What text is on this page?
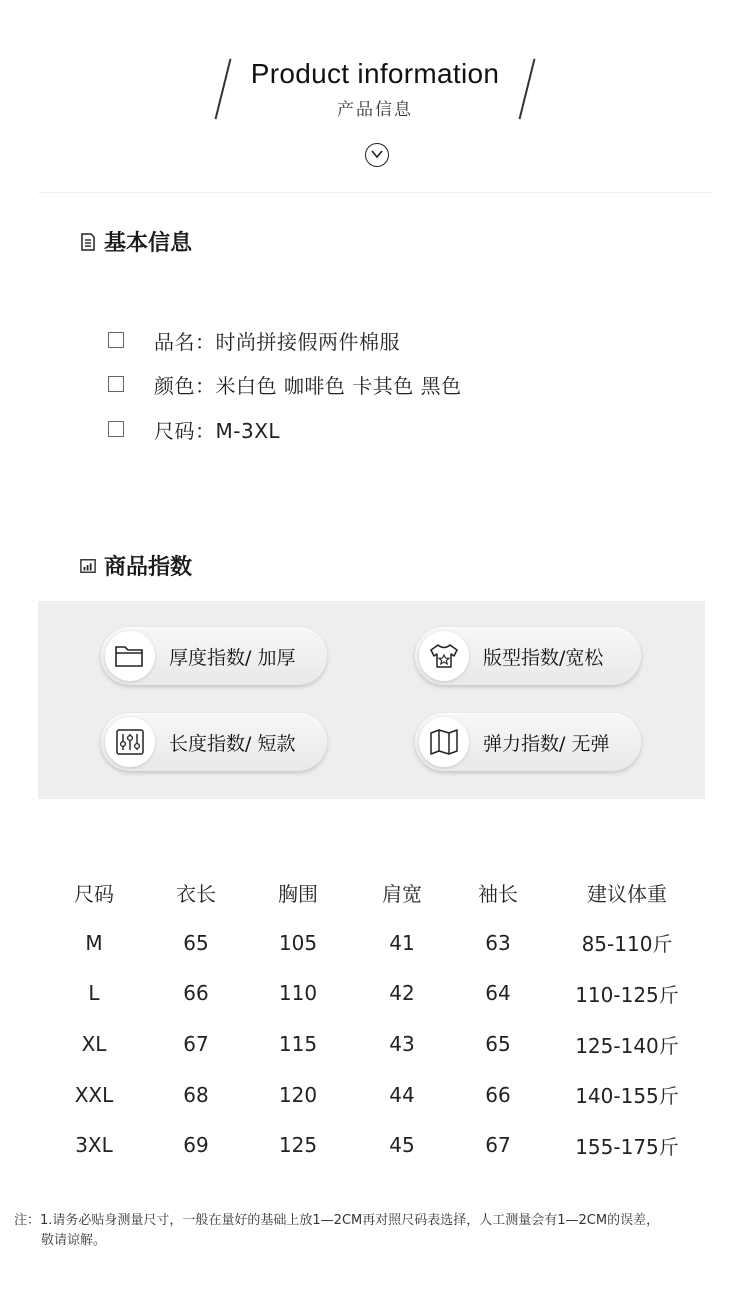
Product information
产品信息
基本信息
品名：时尚拼接假两件棉服
颜色：米白色 咖啡色 卡其色 黑色
尺码：M-3XL
商品指数
厚度指数/ 加厚	版型指数/宽松
长度指数/ 短款	弹力指数/ 无弹
尺码	衣长	胸围	肩宽	袖长	建议体重
M	65	105	41	63	85-110斤
L	66	110	42	64	110-125斤
XL	67	115	43	65	125-140斤
XXL	68	120	44	66	140-155斤
3XL	69	125	45	67	155-175斤
注：1.请务必贴身测量尺寸，一般在量好的基础上放1—2CM再对照尺码表选择，人工测量会有1—2CM的误差，
敬请谅解。
